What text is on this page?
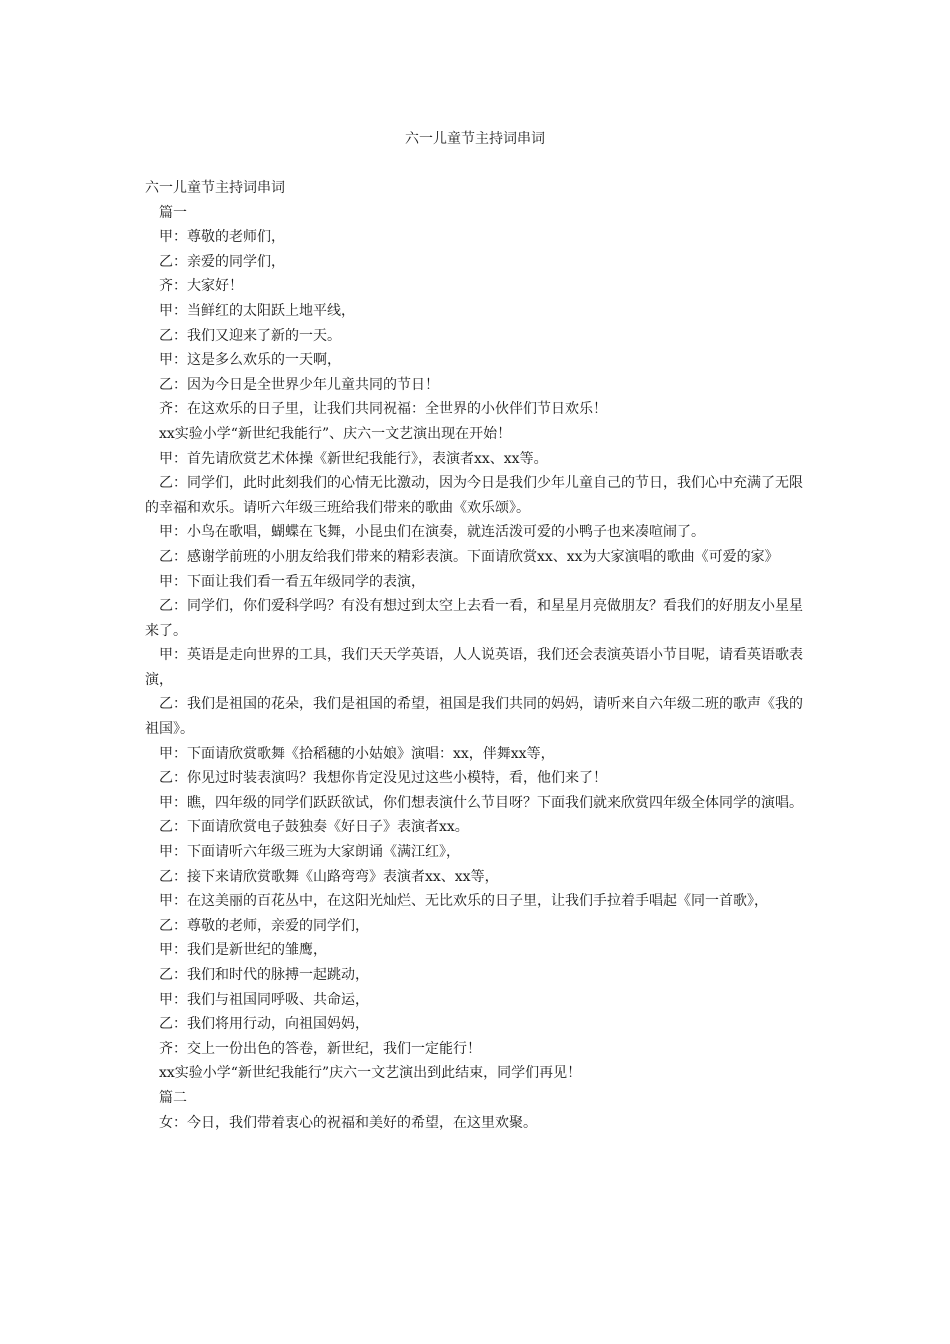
六一儿童节主持词串词

六一儿童节主持词串词

篇一

甲：尊敬的老师们，

乙：亲爱的同学们，

齐：大家好！

甲：当鲜红的太阳跃上地平线，

乙：我们又迎来了新的一天。

甲：这是多么欢乐的一天啊，

乙：因为今日是全世界少年儿童共同的节日！

齐：在这欢乐的日子里，让我们共同祝福：全世界的小伙伴们节日欢乐！

xx实验小学“新世纪我能行”、庆六一文艺演出现在开始！

甲：首先请欣赏艺术体操《新世纪我能行》，表演者xx、xx等。

乙：同学们，此时此刻我们的心情无比激动，因为今日是我们少年儿童自己的节日，我们心中充满了无限的幸福和欢乐。请听六年级三班给我们带来的歌曲《欢乐颂》。

甲：小鸟在歌唱，蝴蝶在飞舞，小昆虫们在演奏，就连活泼可爱的小鸭子也来凑喧闹了。

乙：感谢学前班的小朋友给我们带来的精彩表演。下面请欣赏xx、xx为大家演唱的歌曲《可爱的家》

甲：下面让我们看一看五年级同学的表演，

乙：同学们，你们爱科学吗？有没有想过到太空上去看一看，和星星月亮做朋友？看我们的好朋友小星星来了。

甲：英语是走向世界的工具，我们天天学英语，人人说英语，我们还会表演英语小节目呢，请看英语歌表演，

乙：我们是祖国的花朵，我们是祖国的希望，祖国是我们共同的妈妈，请听来自六年级二班的歌声《我的祖国》。

甲：下面请欣赏歌舞《拾稻穗的小姑娘》演唱：xx，伴舞xx等，

乙：你见过时装表演吗？我想你肯定没见过这些小模特，看，他们来了！

甲：瞧，四年级的同学们跃跃欲试，你们想表演什么节目呀？下面我们就来欣赏四年级全体同学的演唱。

乙：下面请欣赏电子鼓独奏《好日子》表演者xx。

甲：下面请听六年级三班为大家朗诵《满江红》，

乙：接下来请欣赏歌舞《山路弯弯》表演者xx、xx等，

甲：在这美丽的百花丛中，在这阳光灿烂、无比欢乐的日子里，让我们手拉着手唱起《同一首歌》，

乙：尊敬的老师，亲爱的同学们，

甲：我们是新世纪的雏鹰，

乙：我们和时代的脉搏一起跳动，

甲：我们与祖国同呼吸、共命运，

乙：我们将用行动，向祖国妈妈，

齐：交上一份出色的答卷，新世纪，我们一定能行！

xx实验小学“新世纪我能行”庆六一文艺演出到此结束，同学们再见！

篇二

女：今日，我们带着衷心的祝福和美好的希望，在这里欢聚。
